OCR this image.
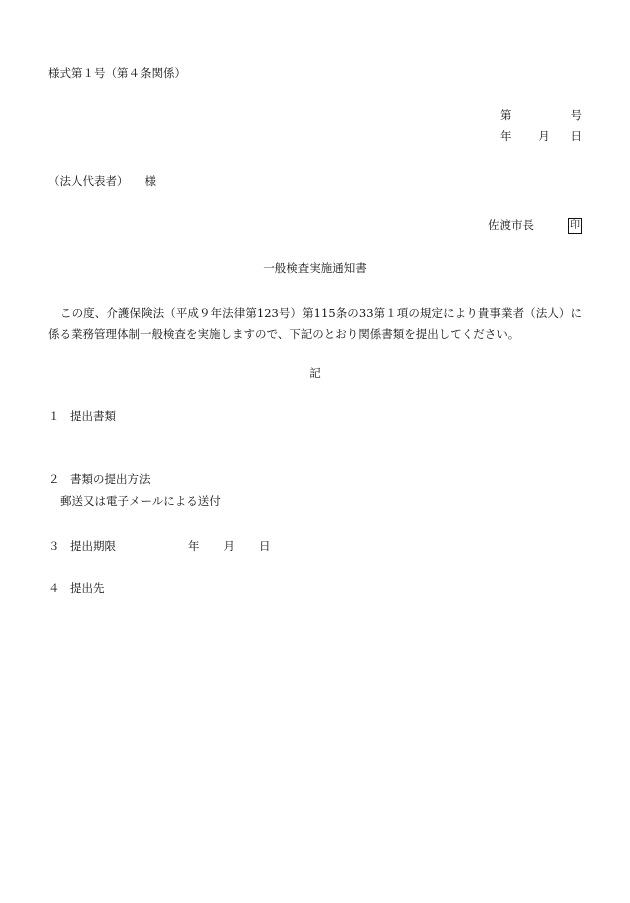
様式第１号（第４条関係）
第	号
年 月 日
（法人代表者） 様
佐渡市長	印
一般検査実施通知書
この度、介護保険法（平成９年法律第123号）第115条の33第１項の規定により貴事業者（法人）に係る業務管理体制一般検査を実施しますので、下記のとおり関係書類を提出してください。
記
１ 提出書類
２ 書類の提出方法
郵送又は電子メールによる送付
３ 提出期限	年 月 日
４ 提出先
